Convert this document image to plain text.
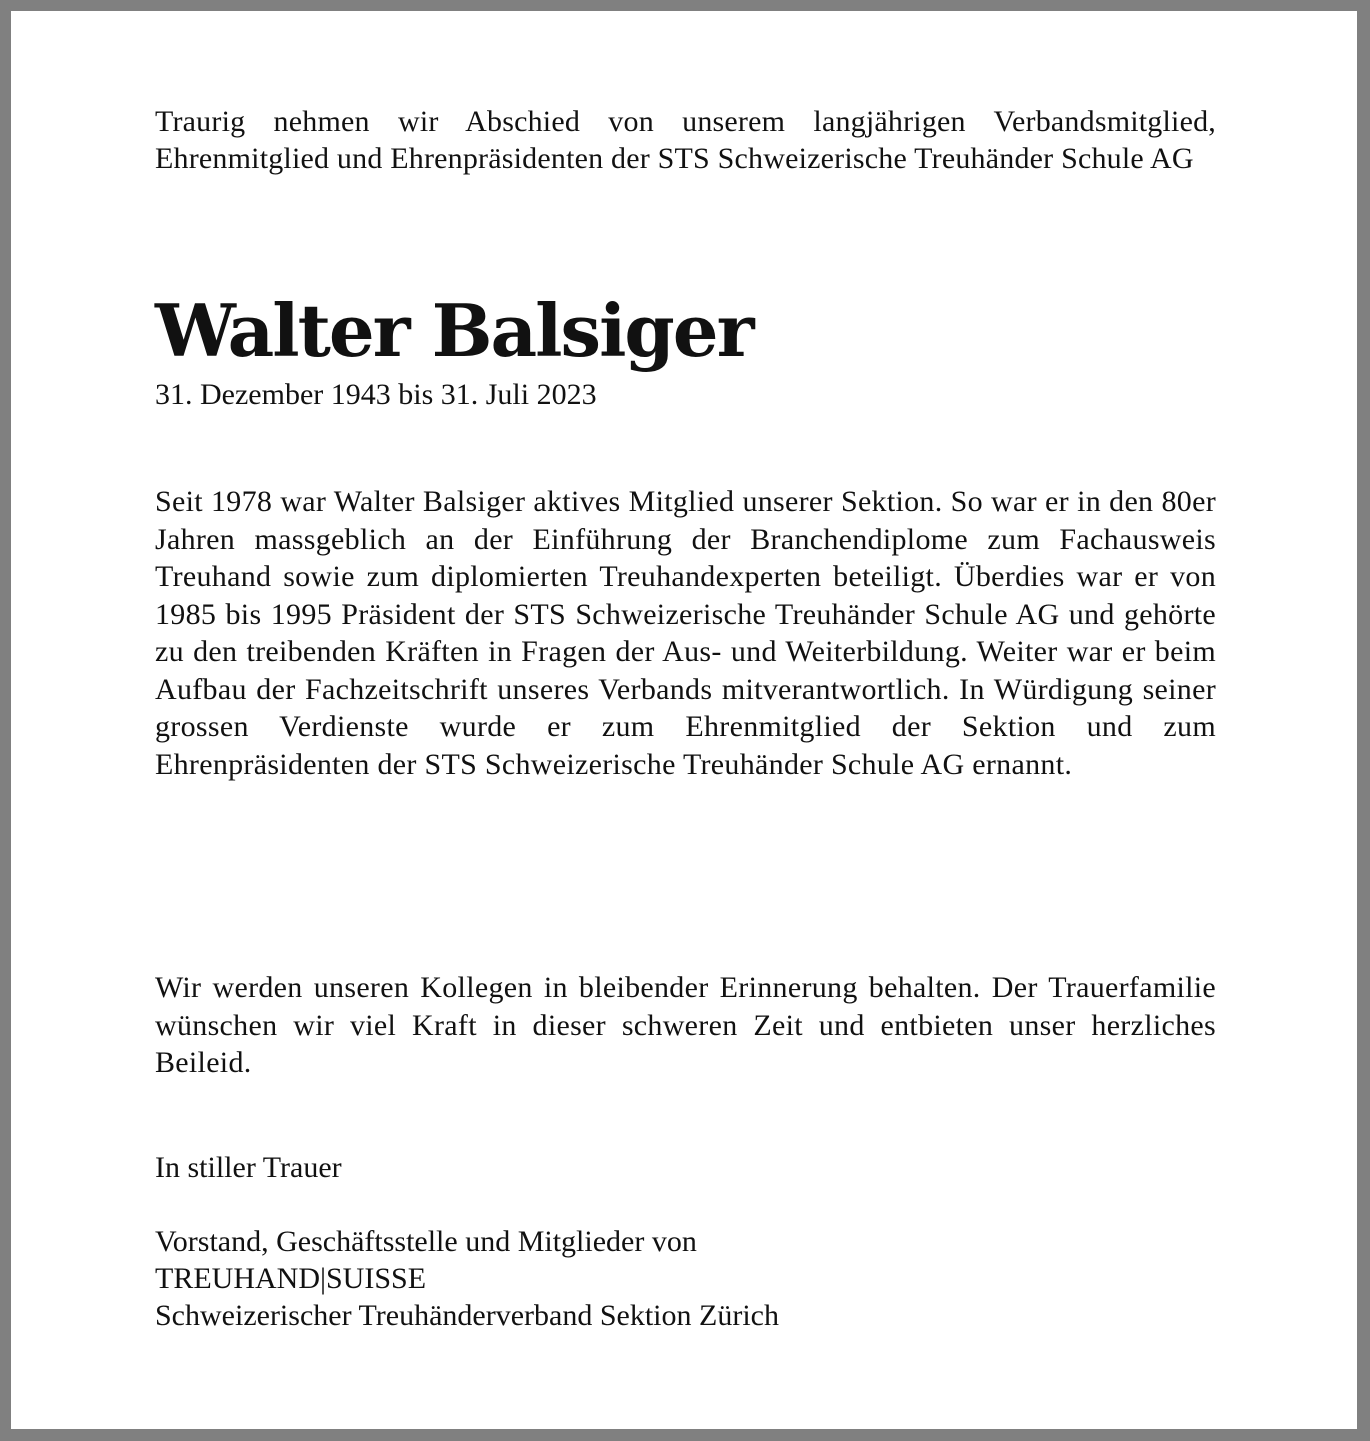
Traurig nehmen wir Abschied von unserem langjährigen Verbandsmitglied, Ehrenmitglied und Ehrenpräsidenten der STS Schweizerische Treuhänder Schule AG
Walter Balsiger
31. Dezember 1943 bis 31. Juli 2023
Seit 1978 war Walter Balsiger aktives Mitglied unserer Sektion. So war er in den 80er Jahren massgeblich an der Einführung der Branchendiplome zum Fachausweis Treuhand sowie zum diplomierten Treuhandexperten beteiligt. Überdies war er von 1985 bis 1995 Präsident der STS Schweizerische Treuhänder Schule AG und gehörte zu den treibenden Kräften in Fragen der Aus- und Weiterbildung. Weiter war er beim Aufbau der Fachzeitschrift unseres Verbands mitverantwortlich. In Würdigung seiner grossen Verdienste wurde er zum Ehrenmitglied der Sektion und zum Ehrenpräsidenten der STS Schweizerische Treuhänder Schule AG ernannt.
Wir werden unseren Kollegen in bleibender Erinnerung behalten. Der Trauerfamilie wünschen wir viel Kraft in dieser schweren Zeit und entbieten unser herzliches Beileid.
In stiller Trauer
Vorstand, Geschäftsstelle und Mitglieder von
TREUHAND|SUISSE
Schweizerischer Treuhänderverband Sektion Zürich
